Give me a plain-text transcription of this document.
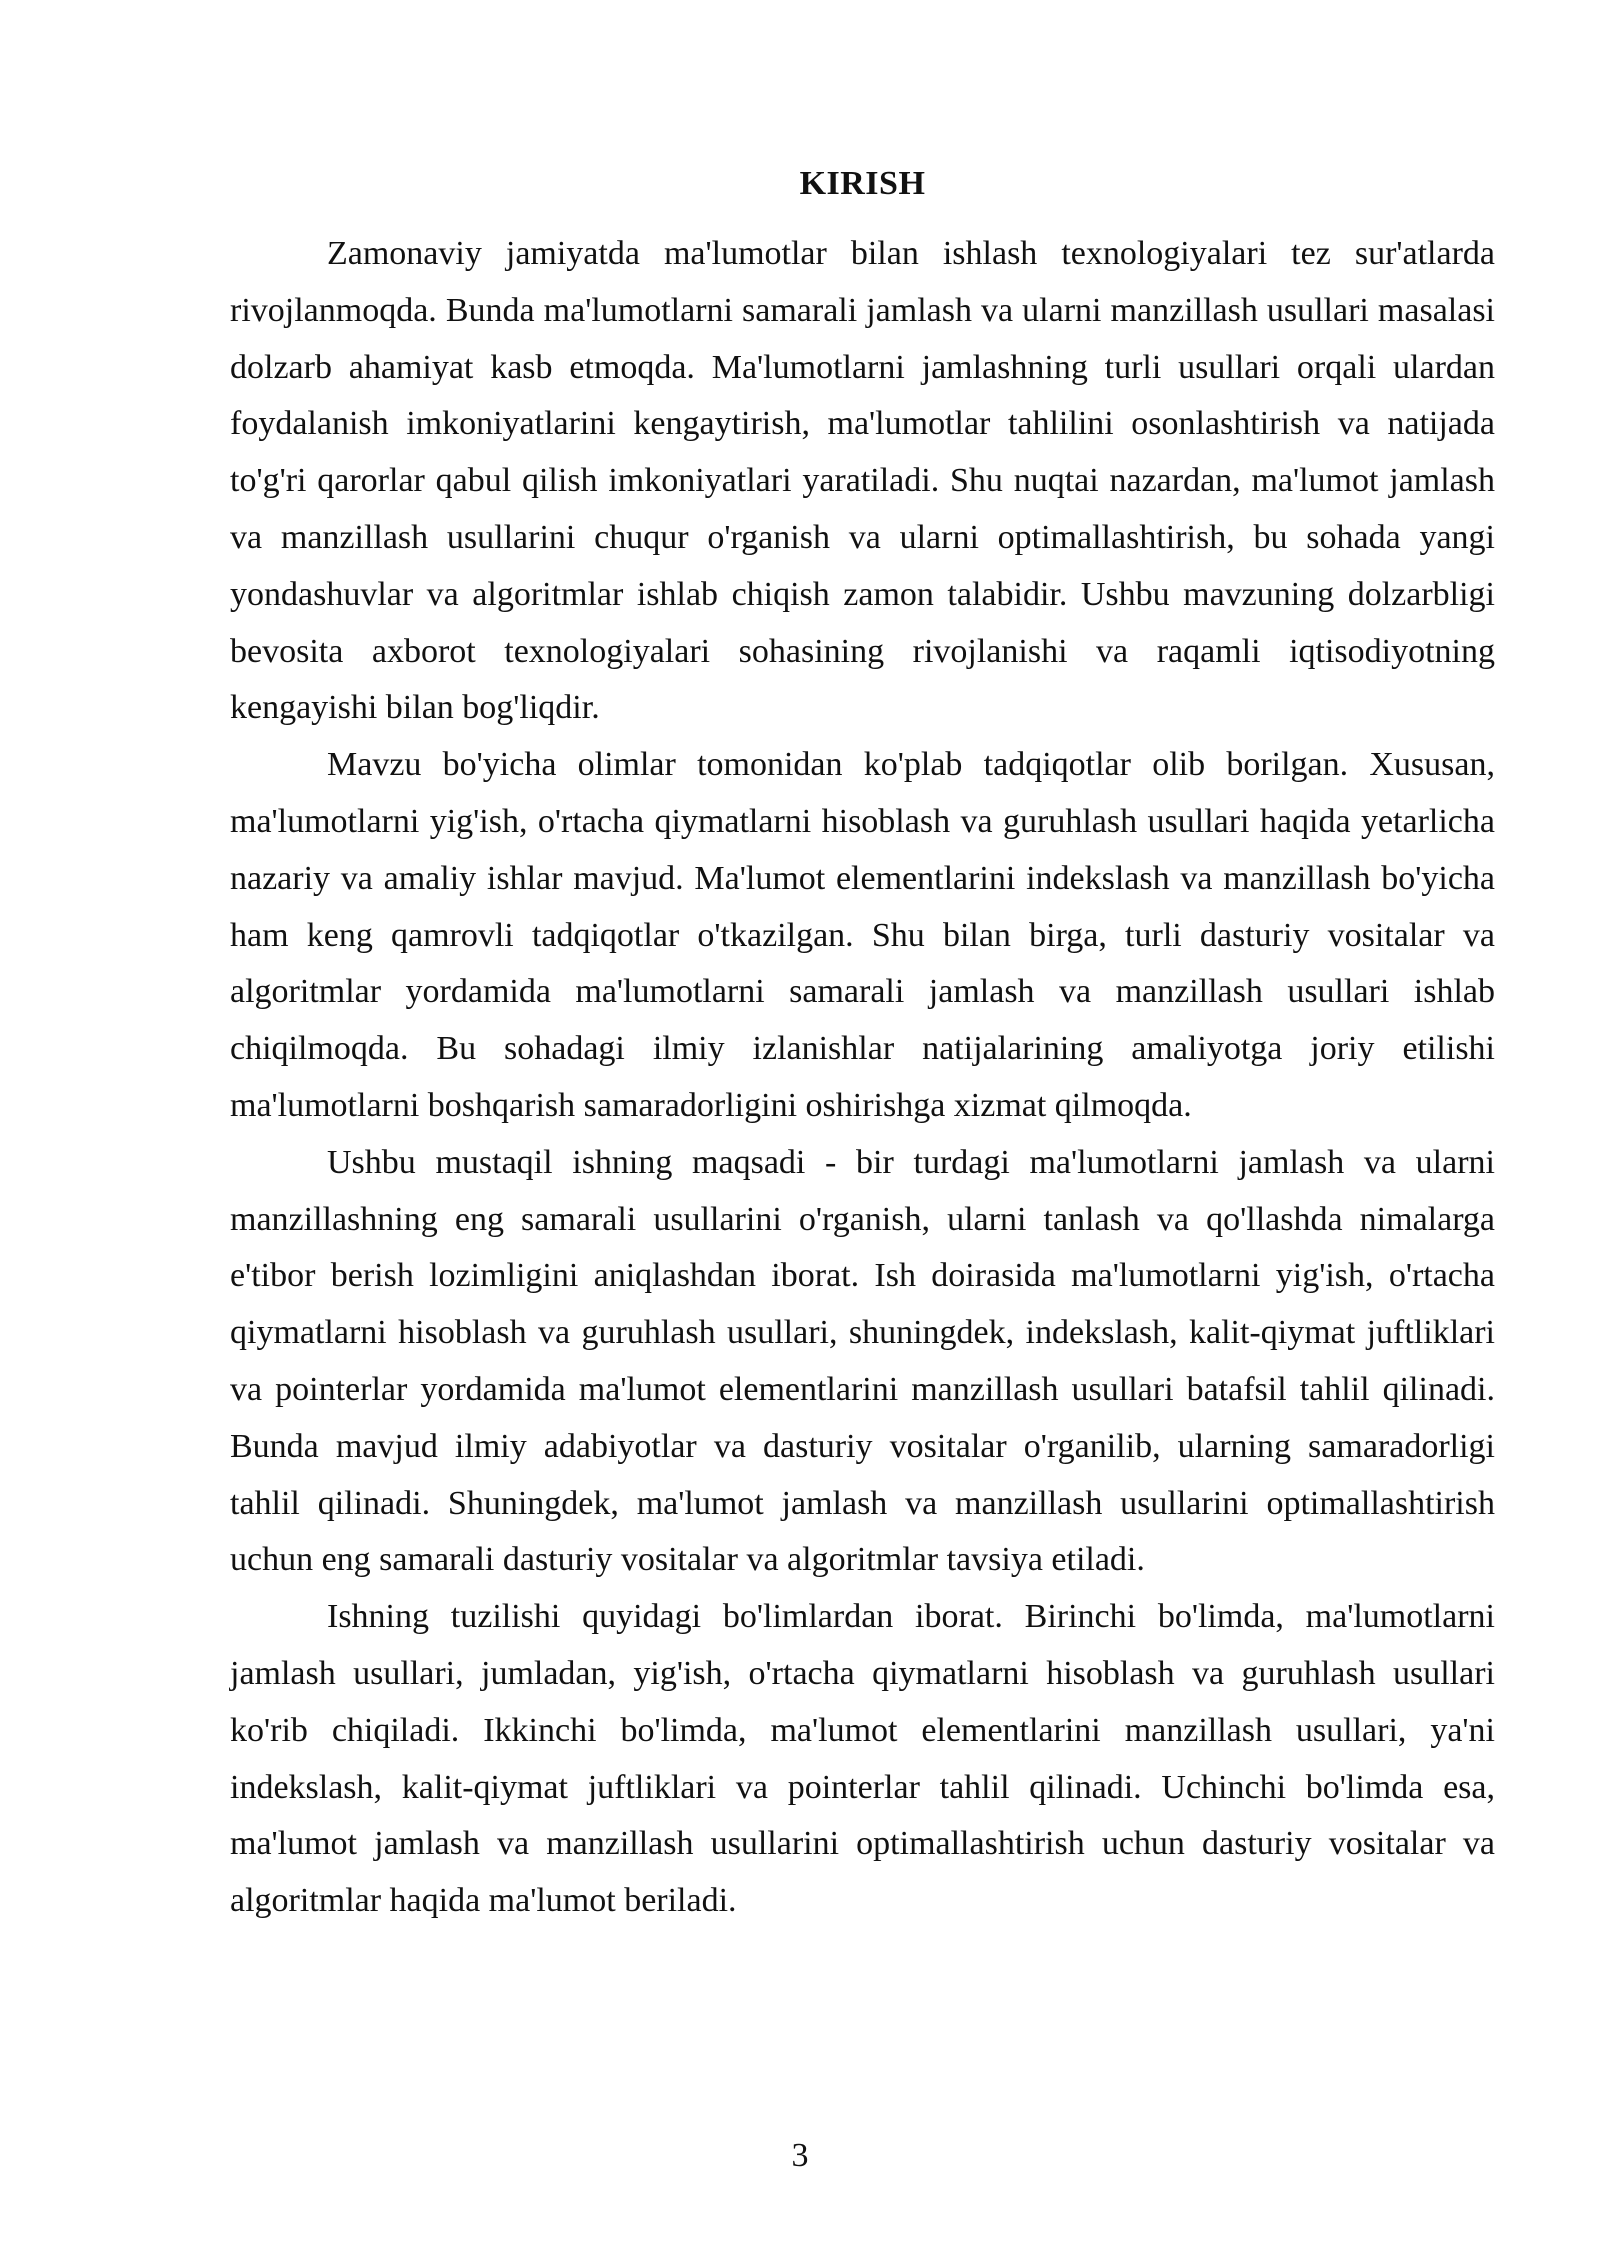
KIRISH

Zamonaviy jamiyatda ma'lumotlar bilan ishlash texnologiyalari tez sur'atlarda rivojlanmoqda. Bunda ma'lumotlarni samarali jamlash va ularni manzillash usullari masalasi dolzarb ahamiyat kasb etmoqda. Ma'lumotlarni jamlashning turli usullari orqali ulardan foydalanish imkoniyatlarini kengaytirish, ma'lumotlar tahlilini osonlashtirish va natijada to'g'ri qarorlar qabul qilish imkoniyatlari yaratiladi. Shu nuqtai nazardan, ma'lumot jamlash va manzillash usullarini chuqur o'rganish va ularni optimallashtirish, bu sohada yangi yondashuvlar va algoritmlar ishlab chiqish zamon talabidir. Ushbu mavzuning dolzarbligi bevosita axborot texnologiyalari sohasining rivojlanishi va raqamli iqtisodiyotning kengayishi bilan bog'liqdir.

Mavzu bo'yicha olimlar tomonidan ko'plab tadqiqotlar olib borilgan. Xususan, ma'lumotlarni yig'ish, o'rtacha qiymatlarni hisoblash va guruhlash usullari haqida yetarlicha nazariy va amaliy ishlar mavjud. Ma'lumot elementlarini indekslash va manzillash bo'yicha ham keng qamrovli tadqiqotlar o'tkazilgan. Shu bilan birga, turli dasturiy vositalar va algoritmlar yordamida ma'lumotlarni samarali jamlash va manzillash usullari ishlab chiqilmoqda. Bu sohadagi ilmiy izlanishlar natijalarining amaliyotga joriy etilishi ma'lumotlarni boshqarish samaradorligini oshirishga xizmat qilmoqda.

Ushbu mustaqil ishning maqsadi - bir turdagi ma'lumotlarni jamlash va ularni manzillashning eng samarali usullarini o'rganish, ularni tanlash va qo'llashda nimalarga e'tibor berish lozimligini aniqlashdan iborat. Ish doirasida ma'lumotlarni yig'ish, o'rtacha qiymatlarni hisoblash va guruhlash usullari, shuningdek, indekslash, kalit-qiymat juftliklari va pointerlar yordamida ma'lumot elementlarini manzillash usullari batafsil tahlil qilinadi. Bunda mavjud ilmiy adabiyotlar va dasturiy vositalar o'rganilib, ularning samaradorligi tahlil qilinadi. Shuningdek, ma'lumot jamlash va manzillash usullarini optimallashtirish uchun eng samarali dasturiy vositalar va algoritmlar tavsiya etiladi.

Ishning tuzilishi quyidagi bo'limlardan iborat. Birinchi bo'limda, ma'lumotlarni jamlash usullari, jumladan, yig'ish, o'rtacha qiymatlarni hisoblash va guruhlash usullari ko'rib chiqiladi. Ikkinchi bo'limda, ma'lumot elementlarini manzillash usullari, ya'ni indekslash, kalit-qiymat juftliklari va pointerlar tahlil qilinadi. Uchinchi bo'limda esa, ma'lumot jamlash va manzillash usullarini optimallashtirish uchun dasturiy vositalar va algoritmlar haqida ma'lumot beriladi.

3
